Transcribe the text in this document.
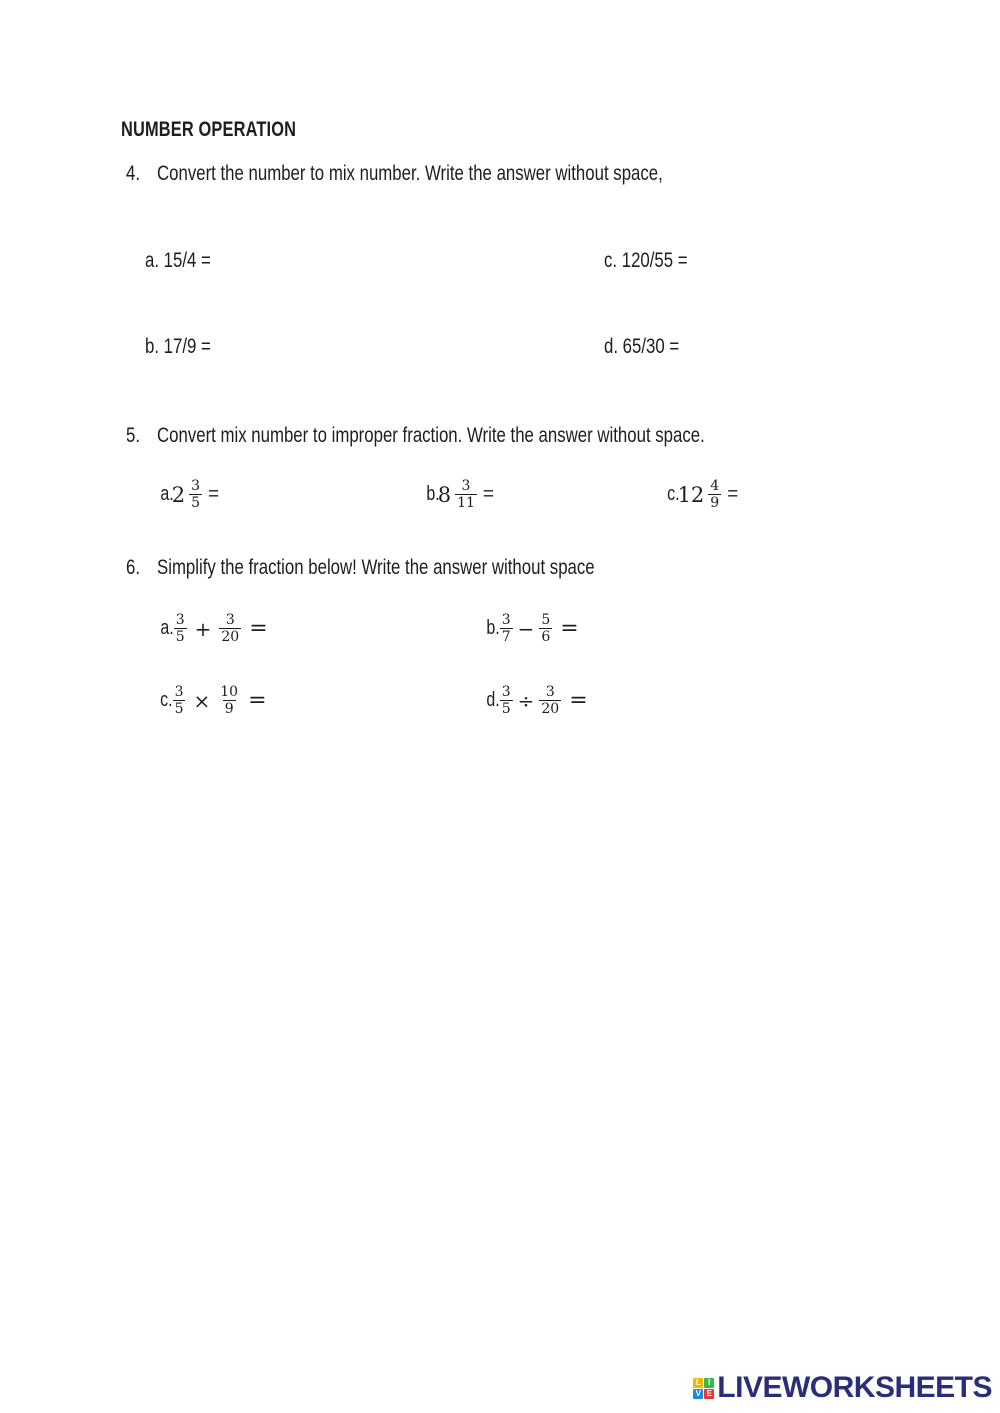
NUMBER OPERATION
4. Convert the number to mix number. Write the answer without space,
a. 15/4 =	c. 120/55 =
b. 17/9 =	d. 65/30 =
5. Convert mix number to improper fraction. Write the answer without space.
a.
$2 \frac{3}{5}$ =	b.
$8 \frac{3}{11}$ =	c.
$12 \frac{4}{9}$ =
6. Simplify the fraction below! Write the answer without space
a. $\frac{3}{5} + \frac{3}{20}$ =	b. $\frac{3}{7} - \frac{5}{6}$ =
c. $\frac{3}{5} \times \frac{10}{9}$ =	d. $\frac{3}{5} \div \frac{3}{20}$ =
L I
V E LIVEWORKSHEETS
